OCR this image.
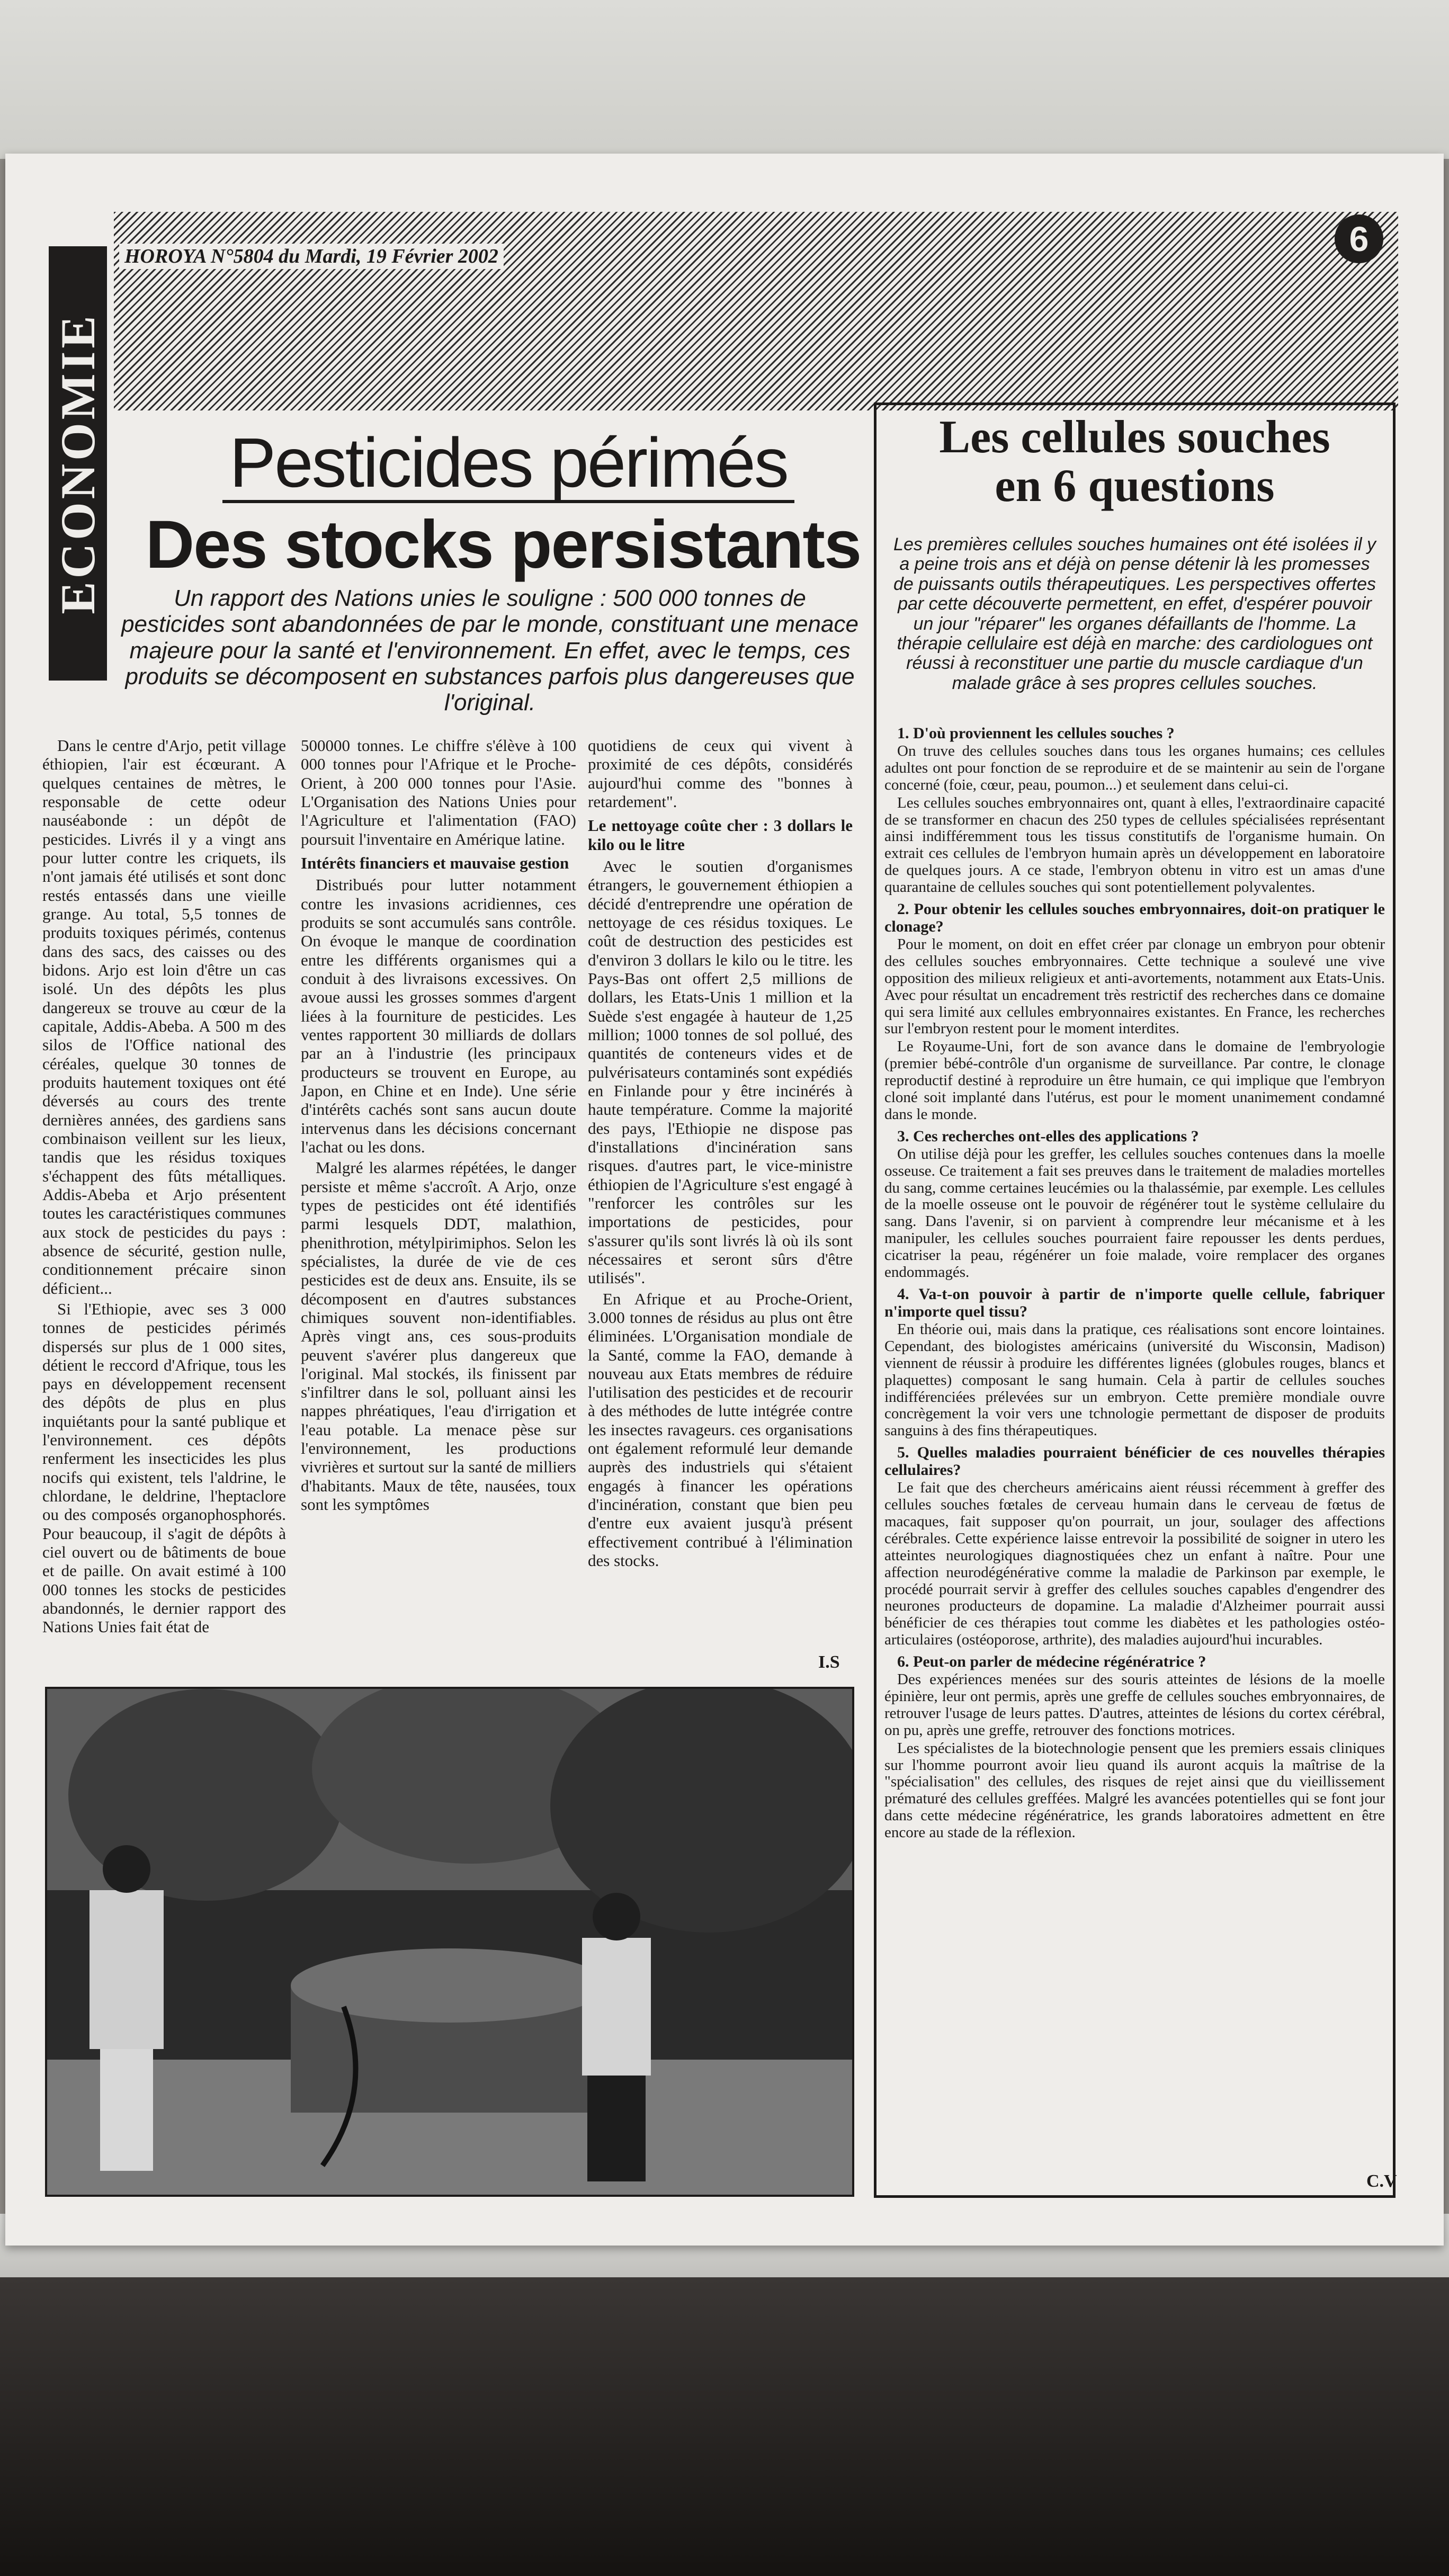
HOROYA N°5804 du Mardi, 19 Février 2002	6
ECONOMIE Pesticides périmés
Des stocks persistants
Un rapport des Nations unies le souligne : 500 000 tonnes de pesticides sont abandonnées de par le monde, constituant une menace majeure pour la santé et l'environnement. En effet, avec le temps, ces produits se décomposent en substances parfois plus dangereuses que l'original.

Dans le centre d'Arjo, petit village éthiopien, l'air est écœurant. A quelques centaines de mètres, le responsable de cette odeur nauséabonde : un dépôt de pesticides. Livrés il y a vingt ans pour lutter contre les criquets, ils n'ont jamais été utilisés et sont donc restés entassés dans une vieille grange. Au total, 5,5 tonnes de produits toxiques périmés, contenus dans des sacs, des caisses ou des bidons. Arjo est loin d'être un cas isolé. Un des dépôts les plus dangereux se trouve au cœur de la capitale, Addis-Abeba. A 500 m des silos de l'Office national des céréales, quelque 30 tonnes de produits hautement toxiques ont été déversés au cours des trente dernières années, des gardiens sans combinaison veillent sur les lieux, tandis que les résidus toxiques s'échappent des fûts métalliques. Addis-Abeba et Arjo présentent toutes les caractéristiques communes aux stock de pesticides du pays : absence de sécurité, gestion nulle, conditionnement précaire sinon déficient...

Si l'Ethiopie, avec ses 3 000 tonnes de pesticides périmés dispersés sur plus de 1 000 sites, détient le reccord d'Afrique, tous les pays en développement recensent des dépôts de plus en plus inquiétants pour la santé publique et l'environnement. ces dépôts renferment les insecticides les plus nocifs qui existent, tels l'aldrine, le chlordane, le deldrine, l'heptaclore ou des composés organophosphorés. Pour beaucoup, il s'agit de dépôts à ciel ouvert ou de bâtiments de boue et de paille. On avait estimé à 100 000 tonnes les stocks de pesticides abandonnés, le dernier rapport des Nations Unies fait état de

500000 tonnes. Le chiffre s'élève à 100 000 tonnes pour l'Afrique et le Proche-Orient, à 200 000 tonnes pour l'Asie. L'Organisation des Nations Unies pour l'Agriculture et l'alimentation (FAO) poursuit l'inventaire en Amérique latine.

Intérêts financiers et mauvaise gestion

Distribués pour lutter notamment contre les invasions acridiennes, ces produits se sont accumulés sans contrôle. On évoque le manque de coordination entre les différents organismes qui a conduit à des livraisons excessives. On avoue aussi les grosses sommes d'argent liées à la fourniture de pesticides. Les ventes rapportent 30 milliards de dollars par an à l'industrie (les principaux producteurs se trouvent en Europe, au Japon, en Chine et en Inde). Une série d'intérêts cachés sont sans aucun doute intervenus dans les décisions concernant l'achat ou les dons.

Malgré les alarmes répétées, le danger persiste et même s'accroît. A Arjo, onze types de pesticides ont été identifiés parmi lesquels DDT, malathion, phenithrotion, métylpirimiphos. Selon les spécialistes, la durée de vie de ces pesticides est de deux ans. Ensuite, ils se décomposent en d'autres substances chimiques souvent non-identifiables. Après vingt ans, ces sous-produits peuvent s'avérer plus dangereux que l'original. Mal stockés, ils finissent par s'infiltrer dans le sol, polluant ainsi les nappes phréatiques, l'eau d'irrigation et l'eau potable. La menace pèse sur l'environnement, les productions vivrières et surtout sur la santé de milliers d'habitants. Maux de tête, nausées, toux sont les symptômes

quotidiens de ceux qui vivent à proximité de ces dépôts, considérés aujourd'hui comme des "bonnes à retardement".

Le nettoyage coûte cher : 3 dollars le kilo ou le litre

Avec le soutien d'organismes étrangers, le gouvernement éthiopien a décidé d'entreprendre une opération de nettoyage de ces résidus toxiques. Le coût de destruction des pesticides est d'environ 3 dollars le kilo ou le titre. les Pays-Bas ont offert 2,5 millions de dollars, les Etats-Unis 1 million et la Suède s'est engagée à hauteur de 1,25 million; 1000 tonnes de sol pollué, des quantités de conteneurs vides et de pulvérisateurs contaminés sont expédiés en Finlande pour y être incinérés à haute température. Comme la majorité des pays, l'Ethiopie ne dispose pas d'installations d'incinération sans risques. d'autres part, le vice-ministre éthiopien de l'Agriculture s'est engagé à "renforcer les contrôles sur les importations de pesticides, pour s'assurer qu'ils sont livrés là où ils sont nécessaires et seront sûrs d'être utilisés".

En Afrique et au Proche-Orient, 3.000 tonnes de résidus au plus ont être éliminées. L'Organisation mondiale de la Santé, comme la FAO, demande à nouveau aux Etats membres de réduire l'utilisation des pesticides et de recourir à des méthodes de lutte intégrée contre les insectes ravageurs. ces organisations ont également reformulé leur demande auprès des industriels qui s'étaient engagés à financer les opérations d'incinération, constant que bien peu d'entre eux avaient jusqu'à présent effectivement contribué à l'élimination des stocks.

I.S
Les cellules souches
en 6 questions
Les premières cellules souches humaines ont été isolées il y a peine trois ans et déjà on pense détenir là les promesses de puissants outils thérapeutiques. Les perspectives offertes par cette découverte permettent, en effet, d'espérer pouvoir un jour "réparer" les organes défaillants de l'homme. La thérapie cellulaire est déjà en marche: des cardiologues ont réussi à reconstituer une partie du muscle cardiaque d'un malade grâce à ses propres cellules souches.
1. D'où proviennent les cellules souches ?

On truve des cellules souches dans tous les organes humains; ces cellules adultes ont pour fonction de se reproduire et de se maintenir au sein de l'organe concerné (foie, cœur, peau, poumon...) et seulement dans celui-ci.

Les cellules souches embryonnaires ont, quant à elles, l'extraordinaire capacité de se transformer en chacun des 250 types de cellules spécialisées représentant ainsi indifféremment tous les tissus constitutifs de l'organisme humain. On extrait ces cellules de l'embryon humain après un développement en laboratoire de quelques jours. A ce stade, l'embryon obtenu in vitro est un amas d'une quarantaine de cellules souches qui sont potentiellement polyvalentes.

2. Pour obtenir les cellules souches embryonnaires, doit-on pratiquer le clonage?

Pour le moment, on doit en effet créer par clonage un embryon pour obtenir des cellules souches embryonnaires. Cette technique a soulevé une vive opposition des milieux religieux et anti-avortements, notamment aux Etats-Unis. Avec pour résultat un encadrement très restrictif des recherches dans ce domaine qui sera limité aux cellules embryonnaires existantes. En France, les recherches sur l'embryon restent pour le moment interdites.

Le Royaume-Uni, fort de son avance dans le domaine de l'embryologie (premier bébé-contrôle d'un organisme de surveillance. Par contre, le clonage reproductif destiné à reproduire un être humain, ce qui implique que l'embryon cloné soit implanté dans l'utérus, est pour le moment unanimement condamné dans le monde.

3. Ces recherches ont-elles des applications ?

On utilise déjà pour les greffer, les cellules souches contenues dans la moelle osseuse. Ce traitement a fait ses preuves dans le traitement de maladies mortelles du sang, comme certaines leucémies ou la thalassémie, par exemple. Les cellules de la moelle osseuse ont le pouvoir de régénérer tout le système cellulaire du sang. Dans l'avenir, si on parvient à comprendre leur mécanisme et à les manipuler, les cellules souches pourraient faire repousser les dents perdues, cicatriser la peau, régénérer un foie malade, voire remplacer des organes endommagés.

4. Va-t-on pouvoir à partir de n'importe quelle cellule, fabriquer n'importe quel tissu?

En théorie oui, mais dans la pratique, ces réalisations sont encore lointaines. Cependant, des biologistes américains (université du Wisconsin, Madison) viennent de réussir à produire les différentes lignées (globules rouges, blancs et plaquettes) composant le sang humain. Cela à partir de cellules souches indifférenciées prélevées sur un embryon. Cette première mondiale ouvre concrègement la voir vers une tchnologie permettant de disposer de produits sanguins à des fins thérapeutiques.

5. Quelles maladies pourraient bénéficier de ces nouvelles thérapies cellulaires?

Le fait que des chercheurs américains aient réussi récemment à greffer des cellules souches fœtales de cerveau humain dans le cerveau de fœtus de macaques, fait supposer qu'on pourrait, un jour, soulager des affections cérébrales. Cette expérience laisse entrevoir la possibilité de soigner in utero les atteintes neurologiques diagnostiquées chez un enfant à naître. Pour une affection neurodégénérative comme la maladie de Parkinson par exemple, le procédé pourrait servir à greffer des cellules souches capables d'engendrer des neurones producteurs de dopamine. La maladie d'Alzheimer pourrait aussi bénéficier de ces thérapies tout comme les diabètes et les pathologies ostéo-articulaires (ostéoporose, arthrite), des maladies aujourd'hui incurables.

6. Peut-on parler de médecine régénératrice ?

Des expériences menées sur des souris atteintes de lésions de la moelle épinière, leur ont permis, après une greffe de cellules souches embryonnaires, de retrouver l'usage de leurs pattes. D'autres, atteintes de lésions du cortex cérébral, on pu, après une greffe, retrouver des fonctions motrices.

Les spécialistes de la biotechnologie pensent que les premiers essais cliniques sur l'homme pourront avoir lieu quand ils auront acquis la maîtrise de la "spécialisation" des cellules, des risques de rejet ainsi que du vieillissement prématuré des cellules greffées. Malgré les avancées potentielles qui se font jour dans cette médecine régénératrice, les grands laboratoires admettent en être encore au stade de la réflexion.

C.V
